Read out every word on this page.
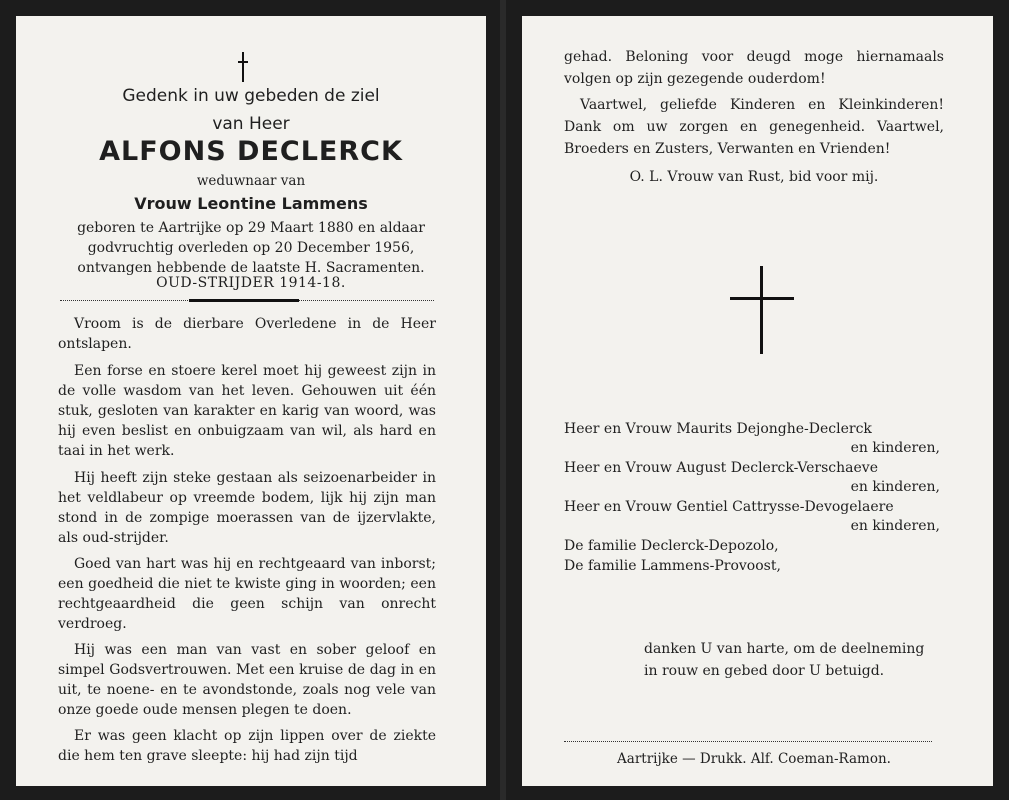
Gedenk in uw gebeden de ziel
van Heer
ALFONS DECLERCK
weduwnaar van
Vrouw Leontine Lammens
geboren te Aartrijke op 29 Maart 1880 en aldaar
godvruchtig overleden op 20 December 1956,
ontvangen hebbende de laatste H. Sacramenten.
OUD-STRIJDER 1914-18.

Vroom is de dierbare Overledene in de Heer ontslapen.

Een forse en stoere kerel moet hij geweest zijn in de volle wasdom van het leven. Gehouwen uit één stuk, gesloten van karakter en karig van woord, was hij even beslist en onbuigzaam van wil, als hard en taai in het werk.

Hij heeft zijn steke gestaan als seizoenarbeider in het veldlabeur op vreemde bodem, lijk hij zijn man stond in de zompige moerassen van de ijzervlakte, als oud-strijder.

Goed van hart was hij en rechtgeaard van inborst; een goedheid die niet te kwiste ging in woorden; een rechtgeaardheid die geen schijn van onrecht verdroeg.

Hij was een man van vast en sober geloof en simpel Godsvertrouwen. Met een kruise de dag in en uit, te noene- en te avondstonde, zoals nog vele van onze goede oude mensen plegen te doen.

Er was geen klacht op zijn lippen over de ziekte die hem ten grave sleepte: hij had zijn tijd

gehad. Beloning voor deugd moge hiernamaals volgen op zijn gezegende ouderdom!

Vaartwel, geliefde Kinderen en Kleinkinderen! Dank om uw zorgen en genegenheid. Vaartwel, Broeders en Zusters, Verwanten en Vrienden!

O. L. Vrouw van Rust, bid voor mij.

Heer en Vrouw Maurits Dejonghe-Declerck
en kinderen,
Heer en Vrouw August Declerck-Verschaeve
en kinderen,
Heer en Vrouw Gentiel Cattrysse-Devogelaere
en kinderen,
De familie Declerck-Depozolo,
De familie Lammens-Provoost,
danken U van harte, om de deelneming
in rouw en gebed door U betuigd.
Aartrijke — Drukk. Alf. Coeman-Ramon.
